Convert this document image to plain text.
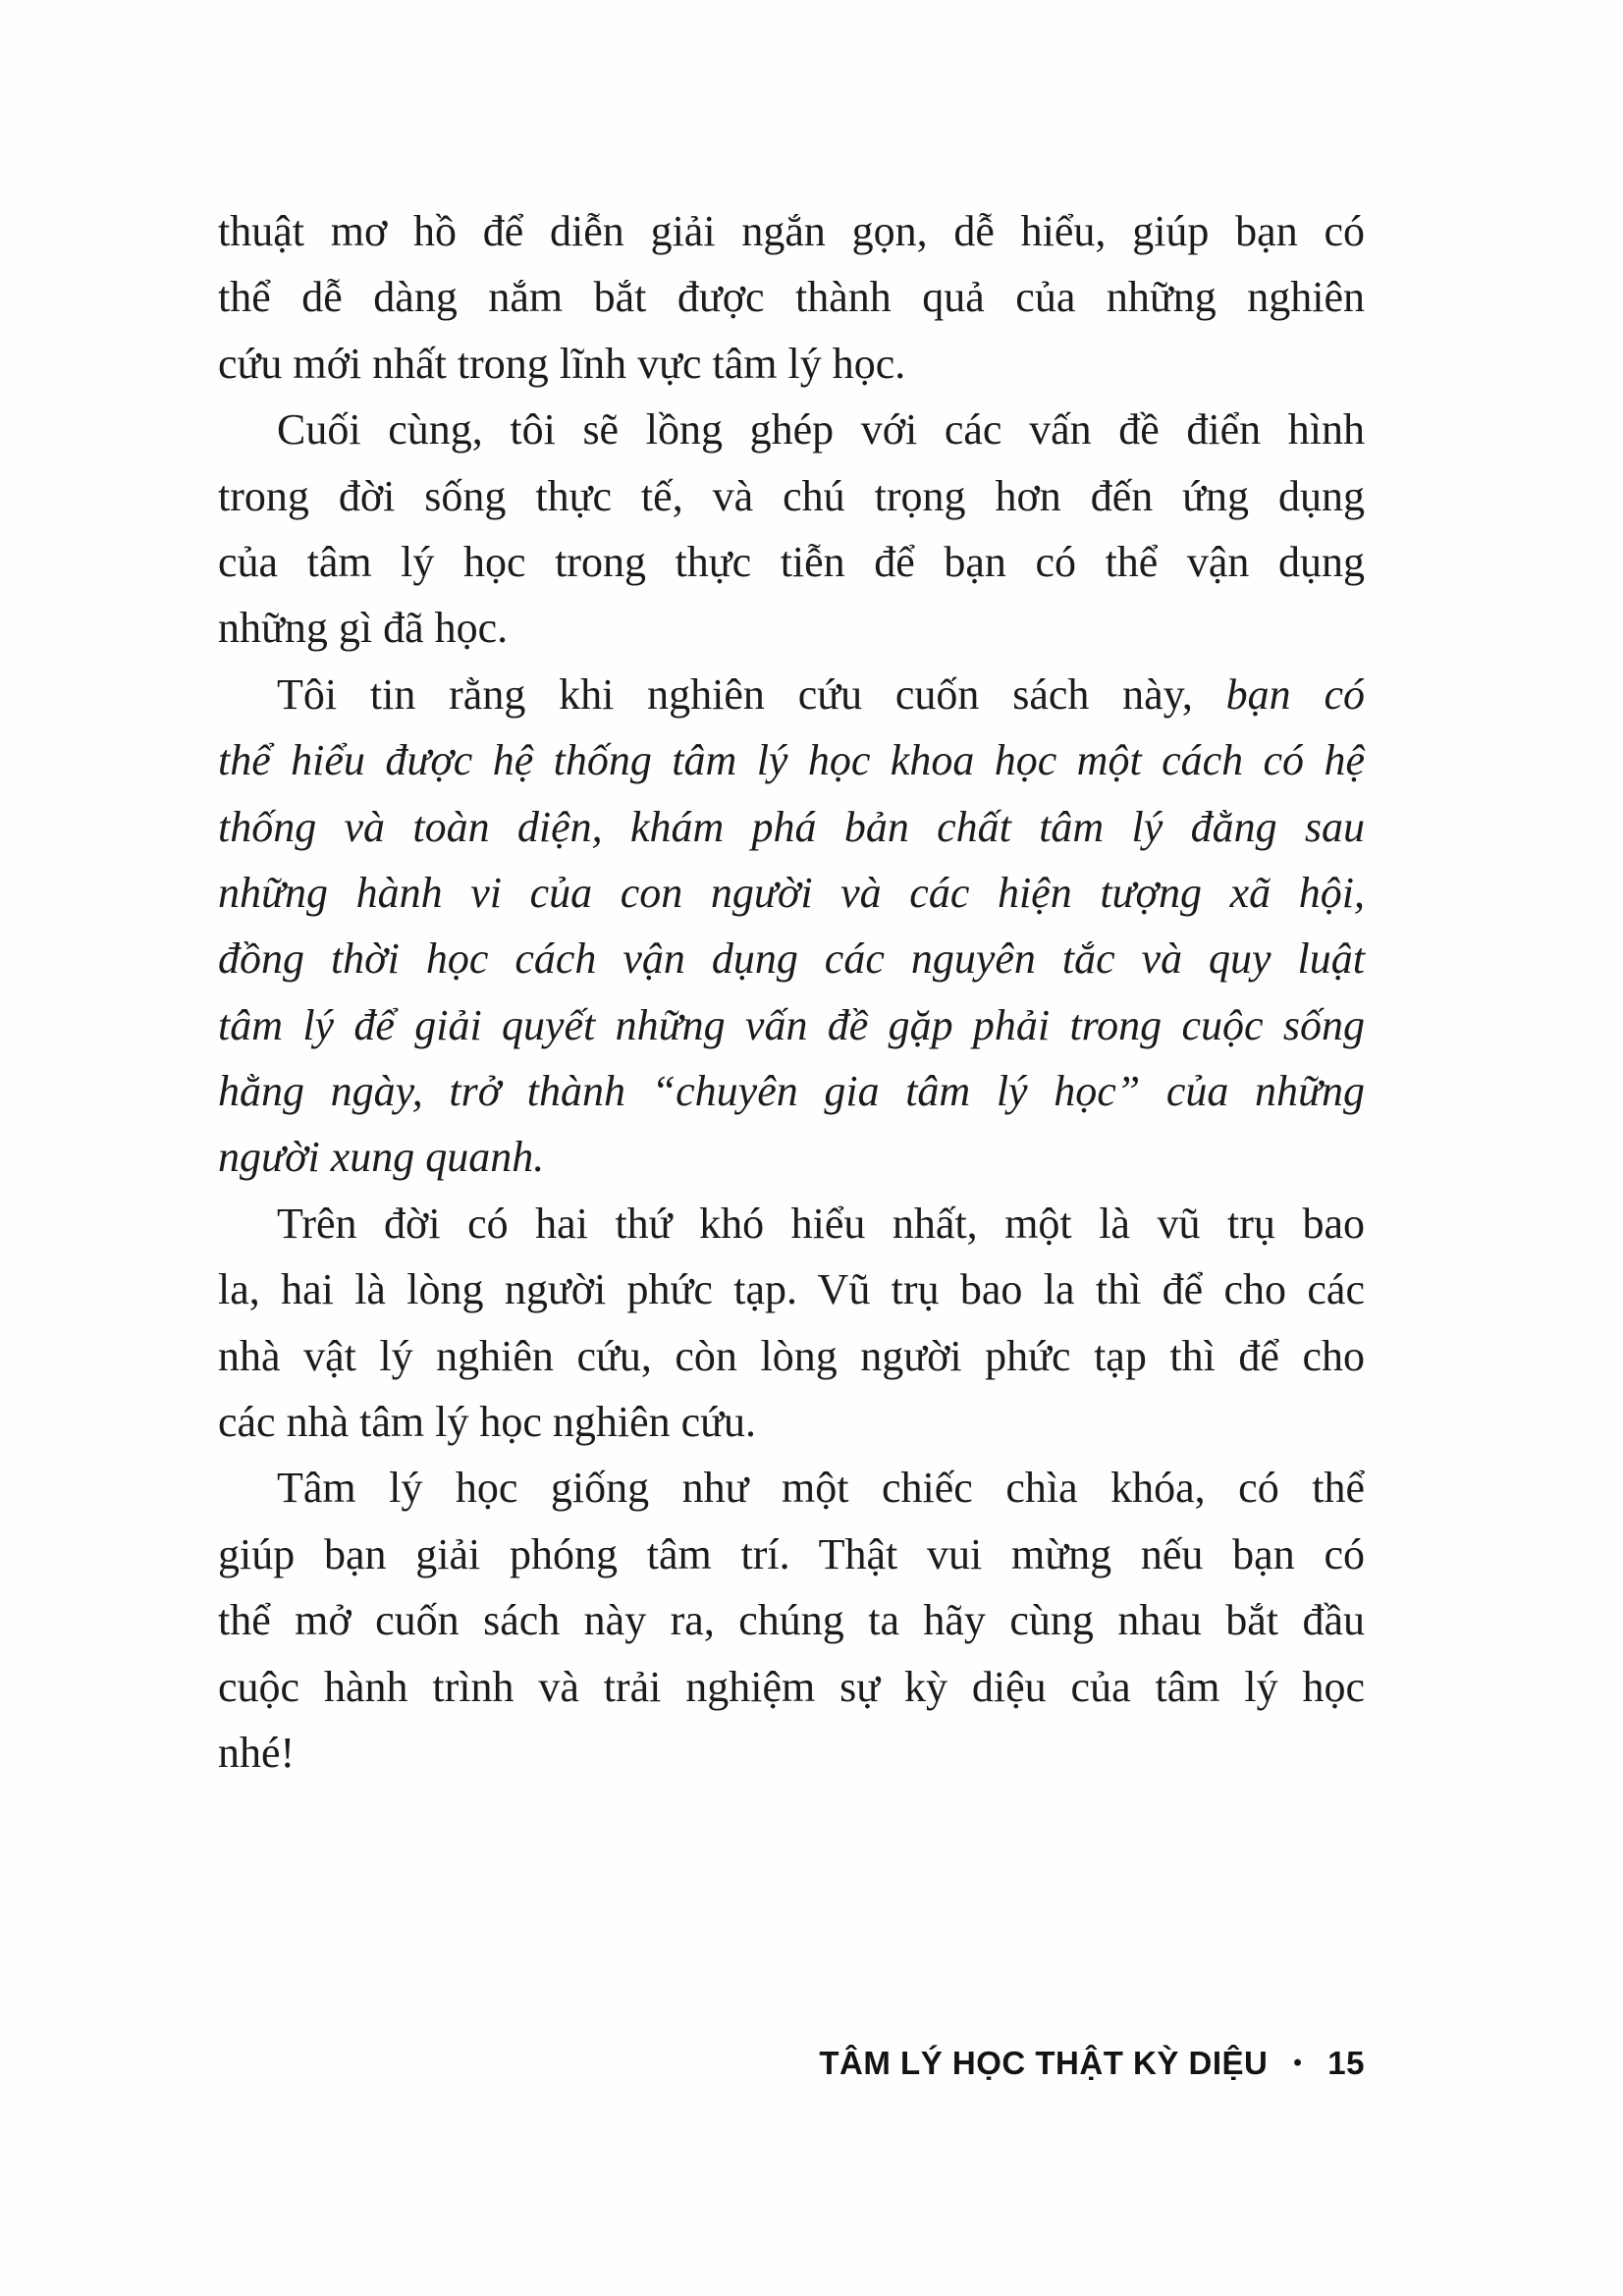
thuật mơ hồ để diễn giải ngắn gọn, dễ hiểu, giúp bạn có
thể dễ dàng nắm bắt được thành quả của những nghiên
cứu mới nhất trong lĩnh vực tâm lý học.
Cuối cùng, tôi sẽ lồng ghép với các vấn đề điển hình
trong đời sống thực tế, và chú trọng hơn đến ứng dụng
của tâm lý học trong thực tiễn để bạn có thể vận dụng
những gì đã học.
Tôi tin rằng khi nghiên cứu cuốn sách này, bạn có
thể hiểu được hệ thống tâm lý học khoa học một cách có hệ
thống và toàn diện, khám phá bản chất tâm lý đằng sau
những hành vi của con người và các hiện tượng xã hội,
đồng thời học cách vận dụng các nguyên tắc và quy luật
tâm lý để giải quyết những vấn đề gặp phải trong cuộc sống
hằng ngày, trở thành “chuyên gia tâm lý học” của những
người xung quanh.
Trên đời có hai thứ khó hiểu nhất, một là vũ trụ bao
la, hai là lòng người phức tạp. Vũ trụ bao la thì để cho các
nhà vật lý nghiên cứu, còn lòng người phức tạp thì để cho
các nhà tâm lý học nghiên cứu.
Tâm lý học giống như một chiếc chìa khóa, có thể
giúp bạn giải phóng tâm trí. Thật vui mừng nếu bạn có
thể mở cuốn sách này ra, chúng ta hãy cùng nhau bắt đầu
cuộc hành trình và trải nghiệm sự kỳ diệu của tâm lý học
nhé!
TÂM LÝ HỌC THẬT KỲ DIỆU • 15
